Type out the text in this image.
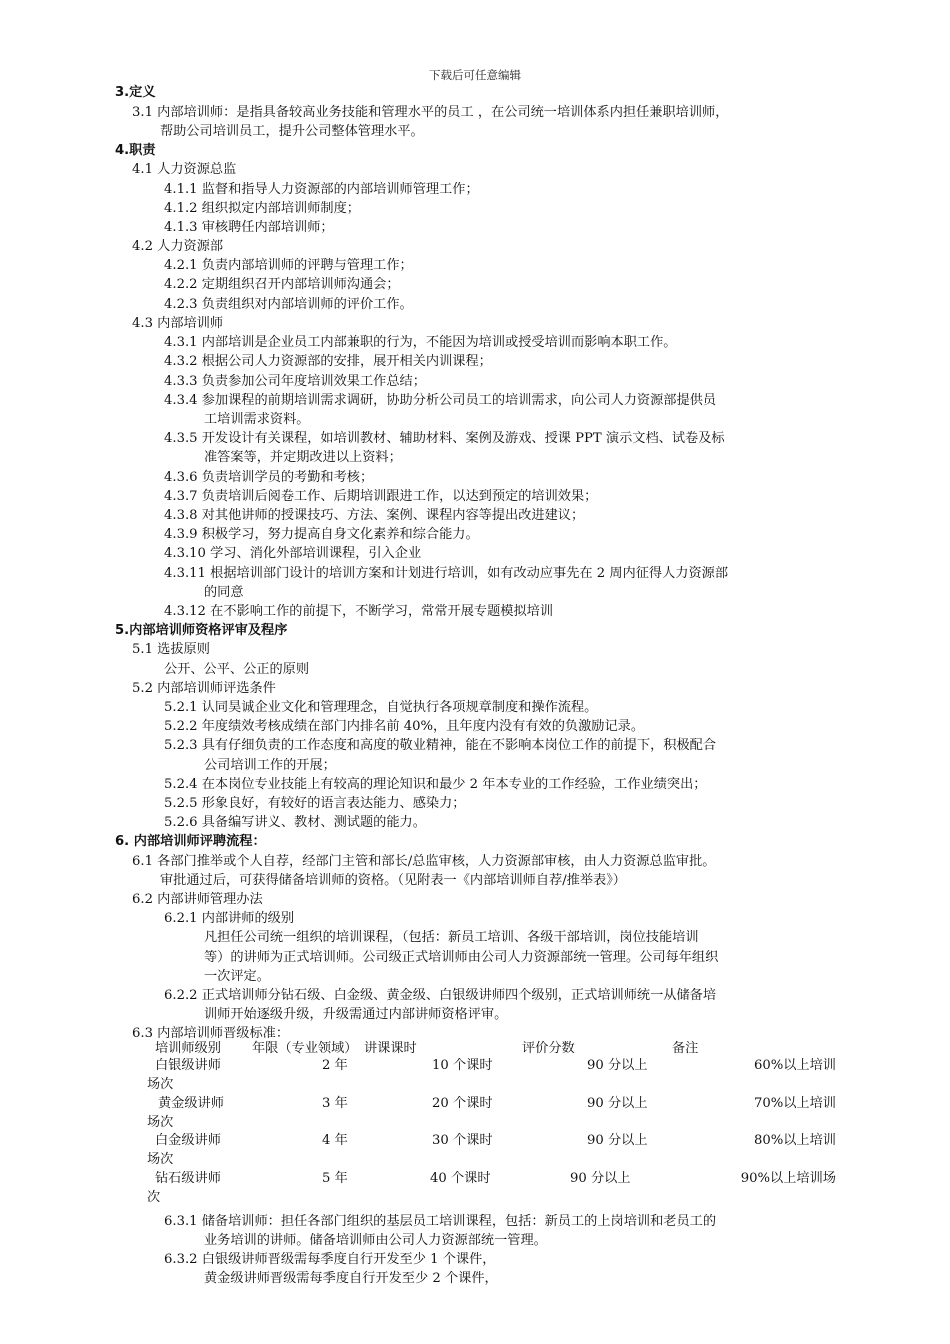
下载后可任意编辑
3.定义
3.1 内部培训师：是指具备较高业务技能和管理水平的员工 ，在公司统一培训体系内担任兼职培训师，
帮助公司培训员工，提升公司整体管理水平。
4.职责
4.1 人力资源总监
4.1.1 监督和指导人力资源部的内部培训师管理工作；
4.1.2 组织拟定内部培训师制度；
4.1.3 审核聘任内部培训师；
4.2 人力资源部
4.2.1 负责内部培训师的评聘与管理工作；
4.2.2 定期组织召开内部培训师沟通会；
4.2.3 负责组织对内部培训师的评价工作。
4.3 内部培训师
4.3.1 内部培训是企业员工内部兼职的行为，不能因为培训或授受培训而影响本职工作。
4.3.2 根据公司人力资源部的安排，展开相关内训课程；
4.3.3 负责参加公司年度培训效果工作总结；
4.3.4 参加课程的前期培训需求调研，协助分析公司员工的培训需求，向公司人力资源部提供员
工培训需求资料。
4.3.5 开发设计有关课程，如培训教材、辅助材料、案例及游戏、授课 PPT 演示文档、试卷及标
准答案等，并定期改进以上资料；
4.3.6 负责培训学员的考勤和考核；
4.3.7 负责培训后阅卷工作、后期培训跟进工作，以达到预定的培训效果；
4.3.8 对其他讲师的授课技巧、方法、案例、课程内容等提出改进建议；
4.3.9 积极学习，努力提高自身文化素养和综合能力。
4.3.10 学习、消化外部培训课程，引入企业
4.3.11 根据培训部门设计的培训方案和计划进行培训，如有改动应事先在 2 周内征得人力资源部
的同意
4.3.12 在不影响工作的前提下，不断学习，常常开展专题模拟培训
5.内部培训师资格评审及程序
5.1 选拔原则
公开、公平、公正的原则
5.2 内部培训师评选条件
5.2.1 认同昊诚企业文化和管理理念，自觉执行各项规章制度和操作流程。
5.2.2 年度绩效考核成绩在部门内排名前 40%，且年度内没有有效的负激励记录。
5.2.3 具有仔细负责的工作态度和高度的敬业精神，能在不影响本岗位工作的前提下，积极配合
公司培训工作的开展；
5.2.4 在本岗位专业技能上有较高的理论知识和最少 2 年本专业的工作经验，工作业绩突出；
5.2.5 形象良好，有较好的语言表达能力、感染力；
5.2.6 具备编写讲义、教材、测试题的能力。
6. 内部培训师评聘流程：
6.1 各部门推举或个人自荐，经部门主管和部长/总监审核，人力资源部审核，由人力资源总监审批。
审批通过后，可获得储备培训师的资格。（见附表一《内部培训师自荐/推举表》）
6.2 内部讲师管理办法
6.2.1 内部讲师的级别
凡担任公司统一组织的培训课程，（包括：新员工培训、各级干部培训，岗位技能培训
等）的讲师为正式培训师。公司级正式培训师由公司人力资源部统一管理。公司每年组织
一次评定。
6.2.2 正式培训师分钻石级、白金级、黄金级、白银级讲师四个级别，正式培训师统一从储备培
训师开始逐级升级，升级需通过内部讲师资格评审。
6.3 内部培训师晋级标准：
6.3.1 储备培训师：担任各部门组织的基层员工培训课程，包括：新员工的上岗培训和老员工的
业务培训的讲师。储备培训师由公司人力资源部统一管理。
6.3.2 白银级讲师晋级需每季度自行开发至少 1 个课件，
黄金级讲师晋级需每季度自行开发至少 2 个课件，
培训师级别 年限（专业领域） 讲课课时	评价分数	备注
白银级讲师	2 年	10 个课时	90 分以上	60%以上培训
场次
黄金级讲师	3 年	20 个课时	90 分以上	70%以上培训
场次
白金级讲师	4 年	30 个课时	90 分以上	80%以上培训
场次
钻石级讲师	5 年	40 个课时	90 分以上	90%以上培训场
次
